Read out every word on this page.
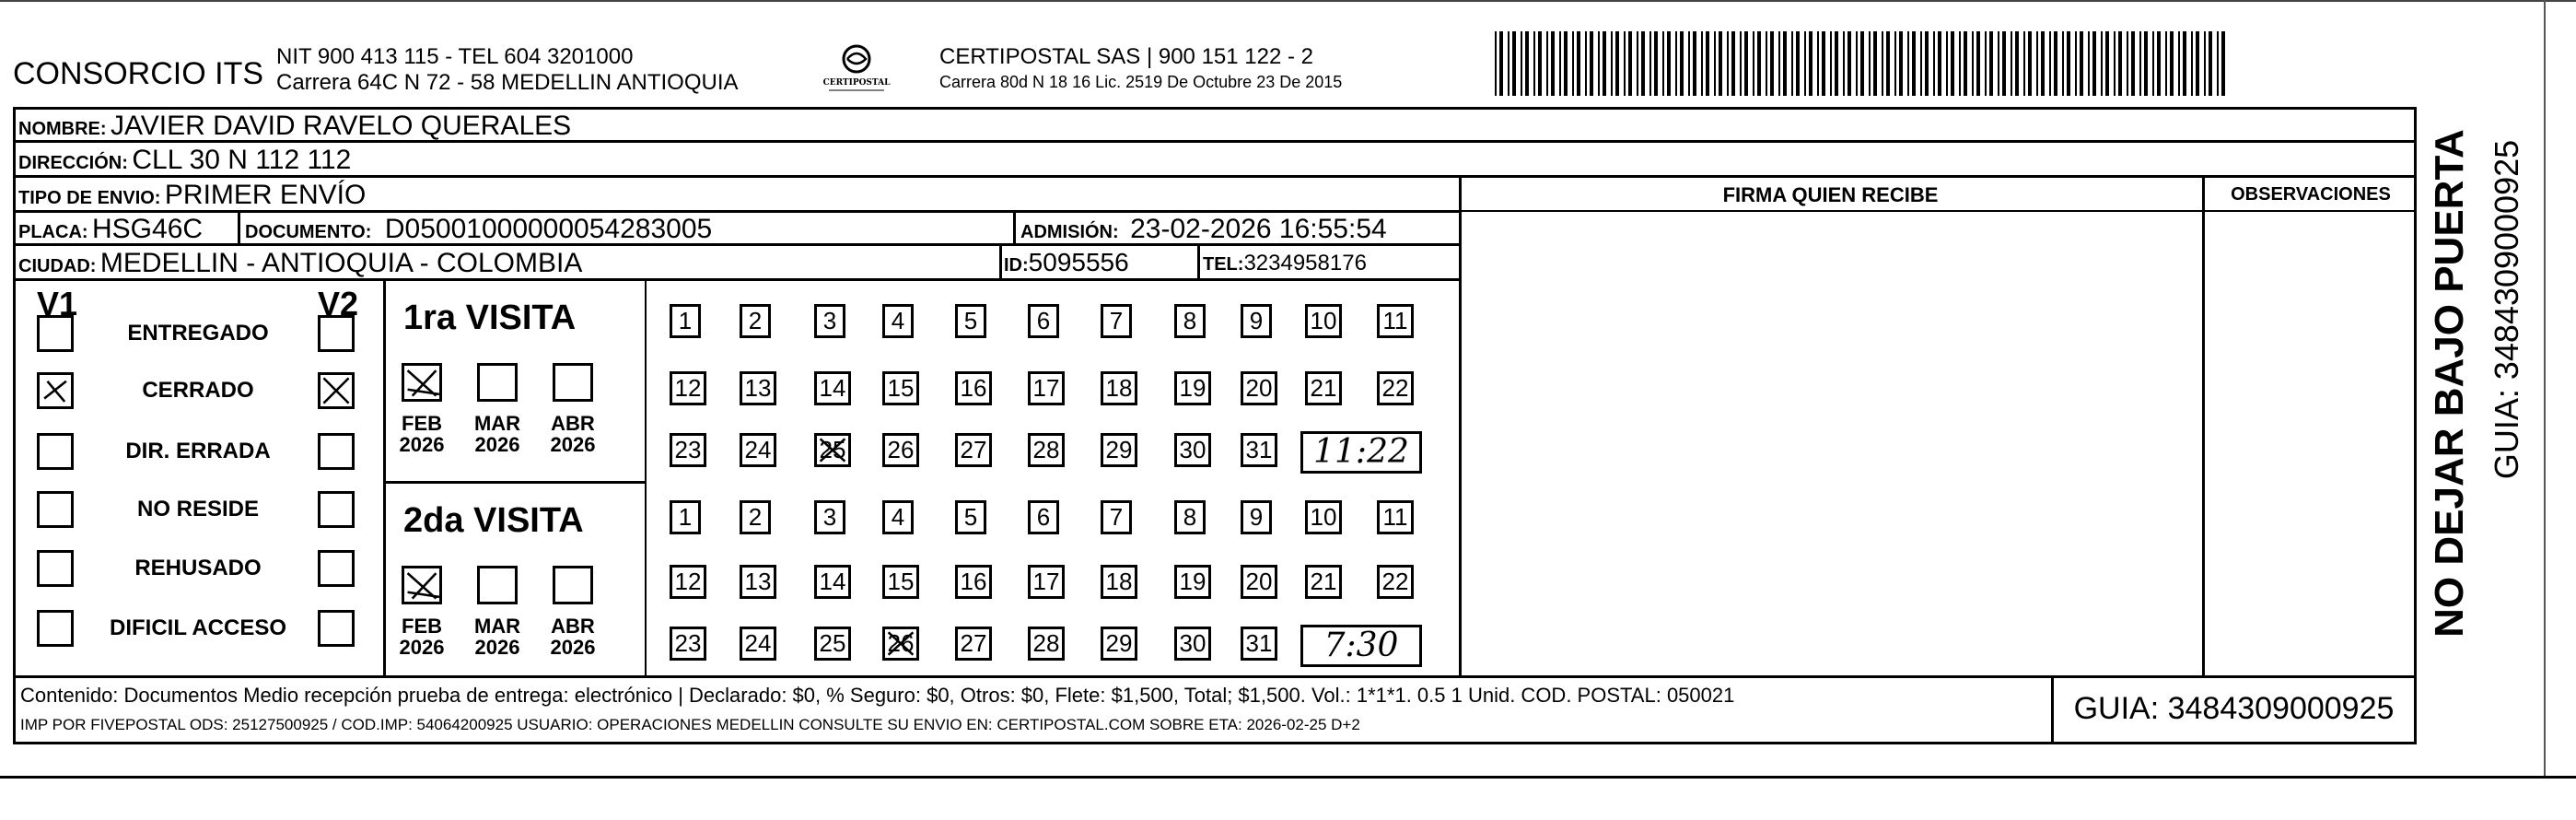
CONSORCIO ITS NIT 900 413 115 - TEL 604 3201000
Carrera 64C N 72 - 58 MEDELLIN ANTIOQUIA	CERTIPOSTAL
CERTIPOSTAL SAS | 900 151 122 - 2
Carrera 80d N 18 16 Lic. 2519 De Octubre 23 De 2015
NOMBRE: JAVIER DAVID RAVELO QUERALES
DIRECCIÓN: CLL 30 N 112 112
TIPO DE ENVIO: PRIMER ENVÍO
PLACA: HSG46C DOCUMENTO: D05001000000054283005	ADMISIÓN: 23-02-2026 16:55:54
CIUDAD: MEDELLIN - ANTIOQUIA - COLOMBIA	ID:5095556	TEL:3234958176
FIRMA QUIEN RECIBE	OBSERVACIONES
V1	V2
ENTREGADO
CERRADO
DIR. ERRADA
NO RESIDE
REHUSADO
DIFICIL ACCESO
1ra VISITA
FEB
2026
MAR
2026
ABR
2026
2da VISITA
FEB
2026
MAR
2026
ABR
2026
1	2	3	4	5	6	7	8	9	10 11
12 13 14 15 16 17 18 19 20 21 22
23 24 25 26 27 28 29 30 31	11:22
1	2	3	4	5	6	7	8	9	10 11
12 13 14 15 16 17 18 19 20 21 22
23 24 25 26 27 28 29 30 31	7:30
Contenido: Documentos Medio recepción prueba de entrega: electrónico | Declarado: $0, % Seguro: $0, Otros: $0, Flete: $1,500, Total; $1,500. Vol.: 1*1*1. 0.5 1 Unid. COD. POSTAL: 050021
IMP POR FIVEPOSTAL ODS: 25127500925 / COD.IMP: 54064200925 USUARIO: OPERACIONES MEDELLIN CONSULTE SU ENVIO EN: CERTIPOSTAL.COM SOBRE ETA: 2026-02-25 D+2	GUIA: 3484309000925
NO DEJAR BAJO PUERTA GUIA: 3484309000925
